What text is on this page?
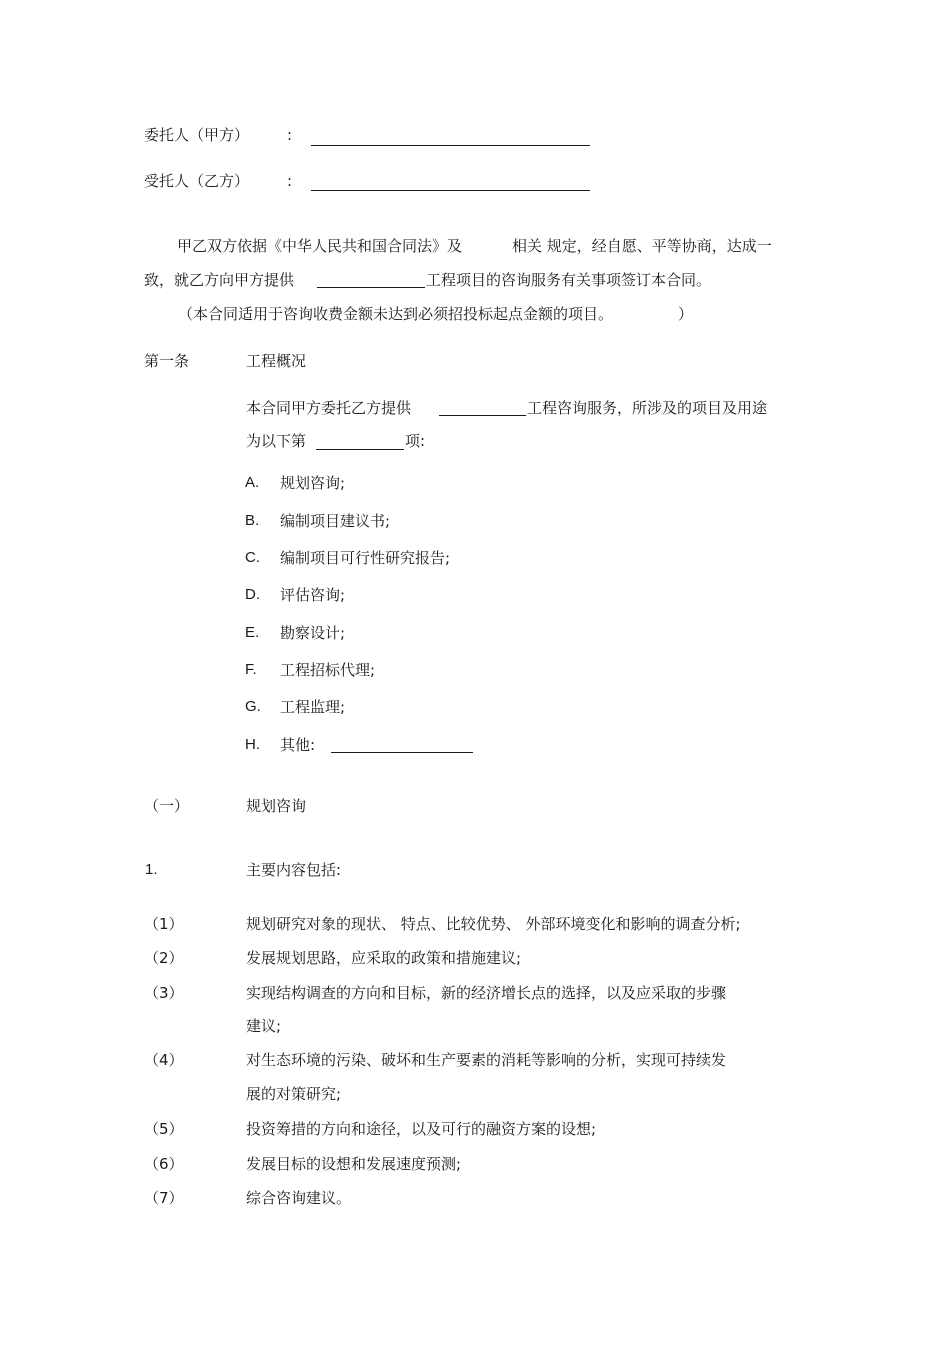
委托人（甲方）	:
受托人（乙方）	:
甲乙双方依据《中华人民共和国合同法》及	相关 规定，经自愿、平等协商，达成一
致，就乙方向甲方提供	工程项目的咨询服务有关事项签订本合同。
（本合同适用于咨询收费金额未达到必须招投标起点金额的项目。	）
第一条	工程概况
本合同甲方委托乙方提供	工程咨询服务，所涉及的项目及用途
为以下第	项:
A. 规划咨询;
B. 编制项目建议书;
C. 编制项目可行性研究报告;
D. 评估咨询;
E. 勘察设计;
F. 工程招标代理;
G. 工程监理;
H. 其他:
（一）	规划咨询
1.	主要内容包括:
（1）	规划研究对象的现状、 特点、比较优势、 外部环境变化和影响的调查分析;
（2）	发展规划思路，应采取的政策和措施建议;
（3）	实现结构调查的方向和目标，新的经济增长点的选择，以及应采取的步骤
建议;
（4）	对生态环境的污染、破坏和生产要素的消耗等影响的分析，实现可持续发
展的对策研究;
（5）	投资筹措的方向和途径，以及可行的融资方案的设想;
（6）	发展目标的设想和发展速度预测;
（7）	综合咨询建议。
